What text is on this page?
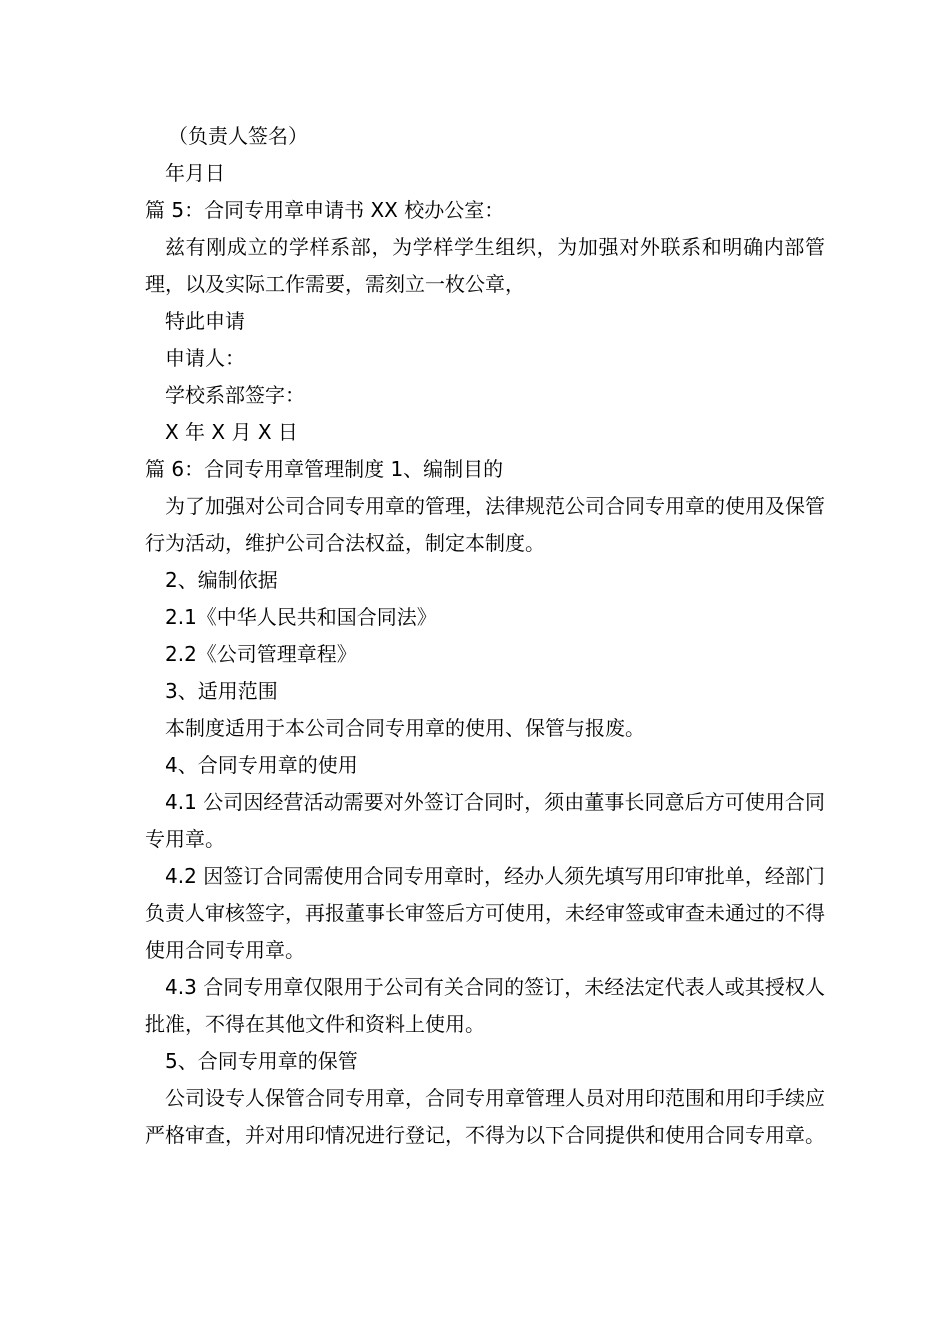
（负责人签名）
年月日
篇 5：合同专用章申请书 XX 校办公室：

兹有刚成立的学样系部，为学样学生组织，为加强对外联系和明确内部管理，以及实际工作需要，需刻立一枚公章，

特此申请
申请人：
学校系部签字：
X 年 X 月 X 日
篇 6：合同专用章管理制度 1、编制目的

为了加强对公司合同专用章的管理，法律规范公司合同专用章的使用及保管行为活动，维护公司合法权益，制定本制度。

2、编制依据
2.1《中华人民共和国合同法》
2.2《公司管理章程》
3、适用范围
本制度适用于本公司合同专用章的使用、保管与报废。
4、合同专用章的使用

4.1 公司因经营活动需要对外签订合同时，须由董事长同意后方可使用合同专用章。

4.2 因签订合同需使用合同专用章时，经办人须先填写用印审批单，经部门负责人审核签字，再报董事长审签后方可使用，未经审签或审查未通过的不得使用合同专用章。

4.3 合同专用章仅限用于公司有关合同的签订，未经法定代表人或其授权人批准，不得在其他文件和资料上使用。

5、合同专用章的保管

公司设专人保管合同专用章，合同专用章管理人员对用印范围和用印手续应严格审查，并对用印情况进行登记，不得为以下合同提供和使用合同专用章。
